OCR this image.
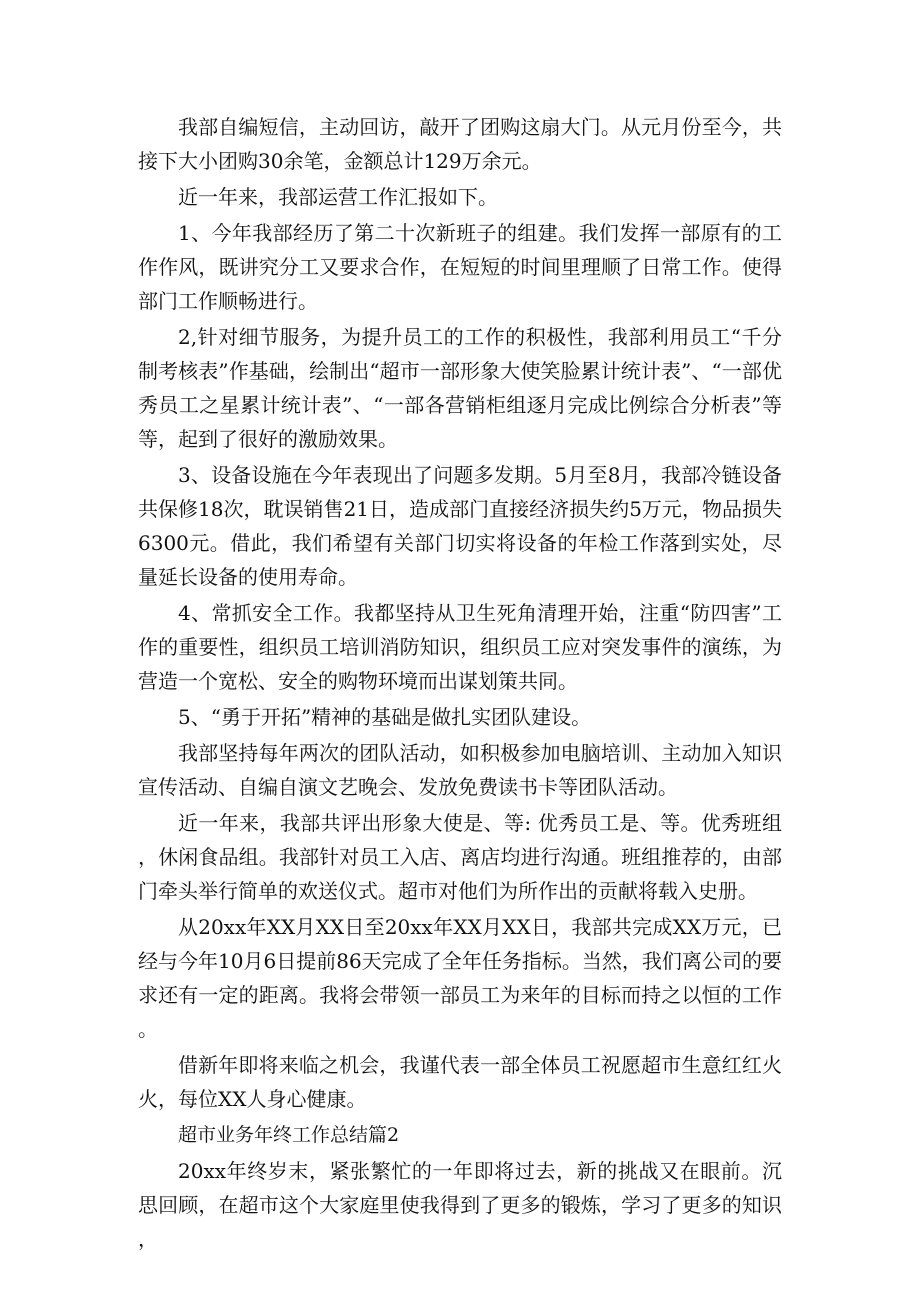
我部自编短信，主动回访，敲开了团购这扇大门。从元月份至今，共接下大小团购30余笔，金额总计129万余元。

近一年来，我部运营工作汇报如下。

1、今年我部经历了第二十次新班子的组建。我们发挥一部原有的工作作风，既讲究分工又要求合作，在短短的时间里理顺了日常工作。使得部门工作顺畅进行。

2,针对细节服务，为提升员工的工作的积极性，我部利用员工“千分制考核表”作基础，绘制出“超市一部形象大使笑脸累计统计表”、“一部优秀员工之星累计统计表”、“一部各营销柜组逐月完成比例综合分析表”等等，起到了很好的激励效果。

3、设备设施在今年表现出了问题多发期。5月至8月，我部冷链设备共保修18次，耽误销售21日，造成部门直接经济损失约5万元，物品损失6300元。借此，我们希望有关部门切实将设备的年检工作落到实处，尽量延长设备的使用寿命。

4、常抓安全工作。我都坚持从卫生死角清理开始，注重“防四害”工作的重要性，组织员工培训消防知识，组织员工应对突发事件的演练，为营造一个宽松、安全的购物环境而出谋划策共同。

5、“勇于开拓”精神的基础是做扎实团队建设。

我部坚持每年两次的团队活动，如积极参加电脑培训、主动加入知识宣传活动、自编自演文艺晚会、发放免费读书卡等团队活动。

近一年来，我部共评出形象大使是、等: 优秀员工是、等。优秀班组，休闲食品组。我部针对员工入店、离店均进行沟通。班组推荐的，由部门牵头举行简单的欢送仪式。超市对他们为所作出的贡献将载入史册。

从20xx年XX月XX日至20xx年XX月XX日，我部共完成XX万元，已经与今年10月6日提前86天完成了全年任务指标。当然，我们离公司的要求还有一定的距离。我将会带领一部员工为来年的目标而持之以恒的工作。

借新年即将来临之机会，我谨代表一部全体员工祝愿超市生意红红火火，每位XX人身心健康。

超市业务年终工作总结篇2

20xx年终岁末，紧张繁忙的一年即将过去，新的挑战又在眼前。沉思回顾，在超市这个大家庭里使我得到了更多的锻炼，学习了更多的知识，
